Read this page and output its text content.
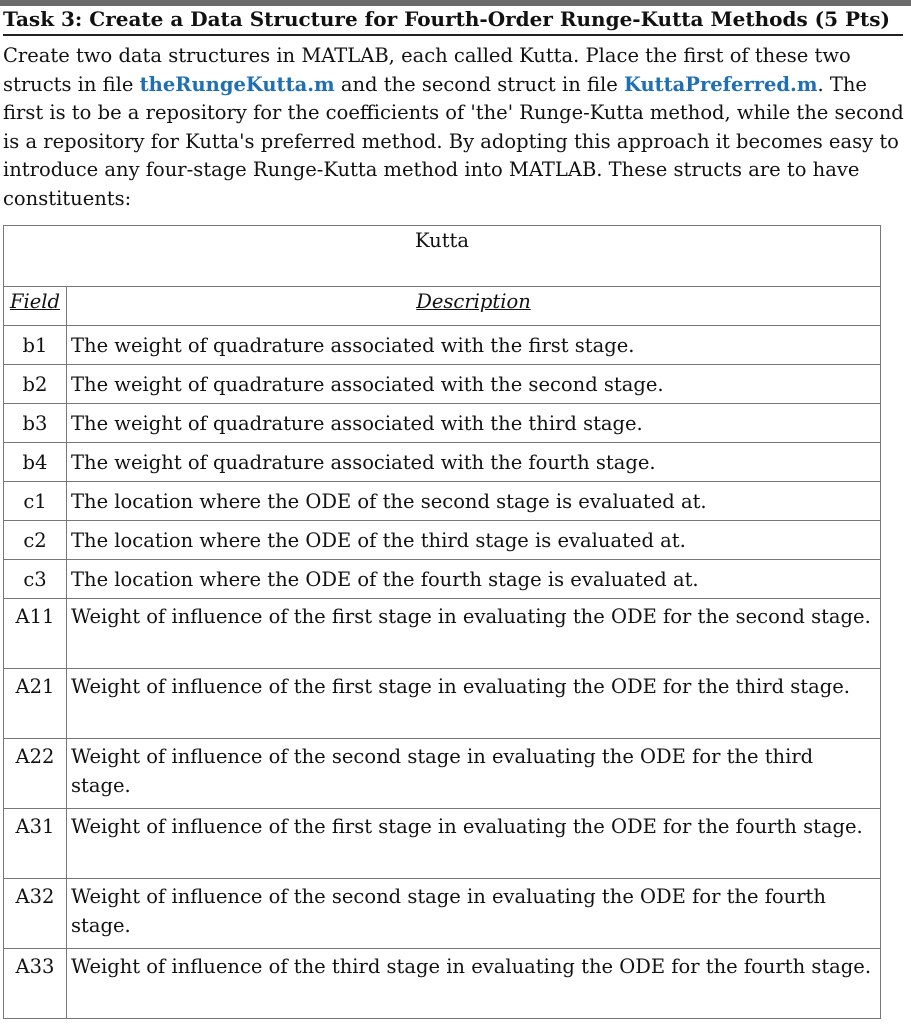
Task 3: Create a Data Structure for Fourth-Order Runge-Kutta Methods (5 Pts)
Create two data structures in MATLAB, each called Kutta. Place the first of these two structs in file theRungeKutta.m and the second struct in file KuttaPreferred.m. The first is to be a repository for the coefficients of 'the' Runge-Kutta method, while the second is a repository for Kutta's preferred method. By adopting this approach it becomes easy to introduce any four-stage Runge-Kutta method into MATLAB. These structs are to have constituents:
Kutta	
Field	Description
b1	The weight of quadrature associated with the first stage.
b2	The weight of quadrature associated with the second stage.
b3	The weight of quadrature associated with the third stage.
b4	The weight of quadrature associated with the fourth stage.
c1	The location where the ODE of the second stage is evaluated at.
c2	The location where the ODE of the third stage is evaluated at.
c3	The location where the ODE of the fourth stage is evaluated at.
A11	Weight of influence of the first stage in evaluating the ODE for the second stage.
A21	Weight of influence of the first stage in evaluating the ODE for the third stage.
A22	Weight of influence of the second stage in evaluating the ODE for the third stage.
A31	Weight of influence of the first stage in evaluating the ODE for the fourth stage.
A32	Weight of influence of the second stage in evaluating the ODE for the fourth stage.
A33	Weight of influence of the third stage in evaluating the ODE for the fourth stage.
